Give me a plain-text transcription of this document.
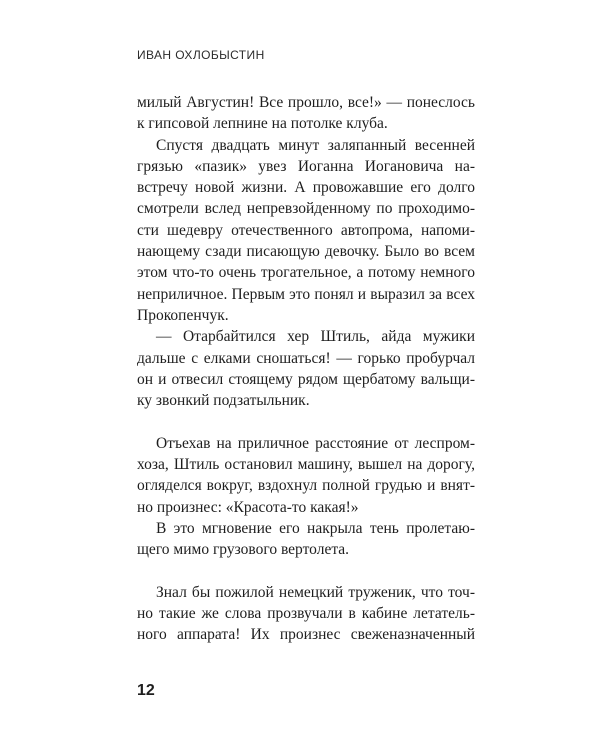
ИВАН ОХЛОБЫСТИН
милый Августин! Все прошло, все!» — понеслось
к гипсовой лепнине на потолке клуба.
Спустя двадцать минут заляпанный весенней
грязью «пазик» увез Иоганна Иогановича на-
встречу новой жизни. А провожавшие его долго
смотрели вслед непревзойденному по проходимо-
сти шедевру отечественного автопрома, напоми-
нающему сзади писающую девочку. Было во всем
этом что-то очень трогательное, а потому немного
неприличное. Первым это понял и выразил за всех
Прокопенчук.
— Отарбайтился хер Штиль, айда мужики
дальше с елками сношаться! — горько пробурчал
он и отвесил стоящему рядом щербатому вальщи-
ку звонкий подзатыльник.
Отъехав на приличное расстояние от леспром-
хоза, Штиль остановил машину, вышел на дорогу,
огляделся вокруг, вздохнул полной грудью и внят-
но произнес: «Красота-то какая!»
В это мгновение его накрыла тень пролетаю-
щего мимо грузового вертолета.
Знал бы пожилой немецкий труженик, что точ-
но такие же слова прозвучали в кабине летатель-
ного аппарата! Их произнес свеженазначенный
12
